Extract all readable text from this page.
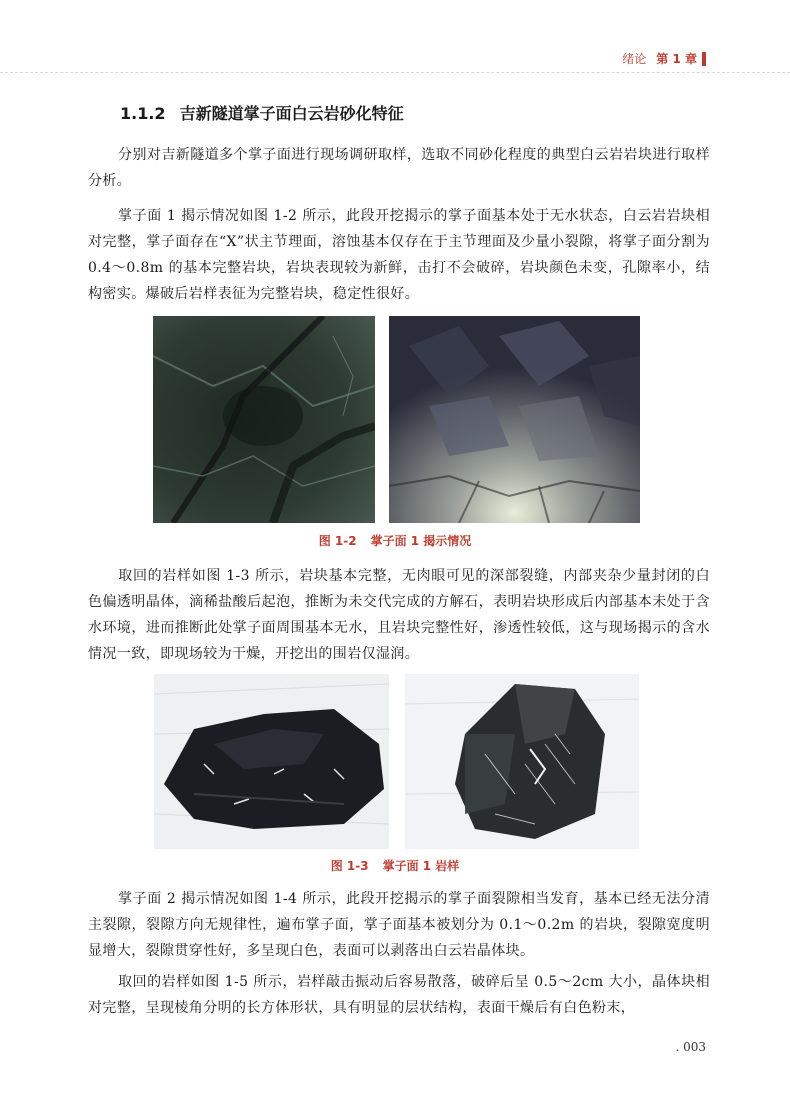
绪论 第 1 章
1.1.2 吉新隧道掌子面白云岩砂化特征

分别对吉新隧道多个掌子面进行现场调研取样，选取不同砂化程度的典型白云岩岩块进行取样分析。

掌子面 1 揭示情况如图 1-2 所示，此段开挖揭示的掌子面基本处于无水状态，白云岩岩块相对完整，掌子面存在“X”状主节理面，溶蚀基本仅存在于主节理面及少量小裂隙，将掌子面分割为 0.4～0.8m 的基本完整岩块，岩块表现较为新鲜，击打不会破碎，岩块颜色未变，孔隙率小，结构密实。爆破后岩样表征为完整岩块，稳定性很好。

图 1-2 掌子面 1 揭示情况

取回的岩样如图 1-3 所示，岩块基本完整，无肉眼可见的深部裂缝，内部夹杂少量封闭的白色偏透明晶体，滴稀盐酸后起泡，推断为未交代完成的方解石，表明岩块形成后内部基本未处于含水环境，进而推断此处掌子面周围基本无水，且岩块完整性好，渗透性较低，这与现场揭示的含水情况一致，即现场较为干燥，开挖出的围岩仅湿润。

图 1-3 掌子面 1 岩样

掌子面 2 揭示情况如图 1-4 所示，此段开挖揭示的掌子面裂隙相当发育，基本已经无法分清主裂隙，裂隙方向无规律性，遍布掌子面，掌子面基本被划分为 0.1～0.2m 的岩块，裂隙宽度明显增大，裂隙贯穿性好，多呈现白色，表面可以剥落出白云岩晶体块。

取回的岩样如图 1-5 所示，岩样敲击振动后容易散落，破碎后呈 0.5～2cm 大小，晶体块相对完整，呈现棱角分明的长方体形状，具有明显的层状结构，表面干燥后有白色粉末，

. 003
